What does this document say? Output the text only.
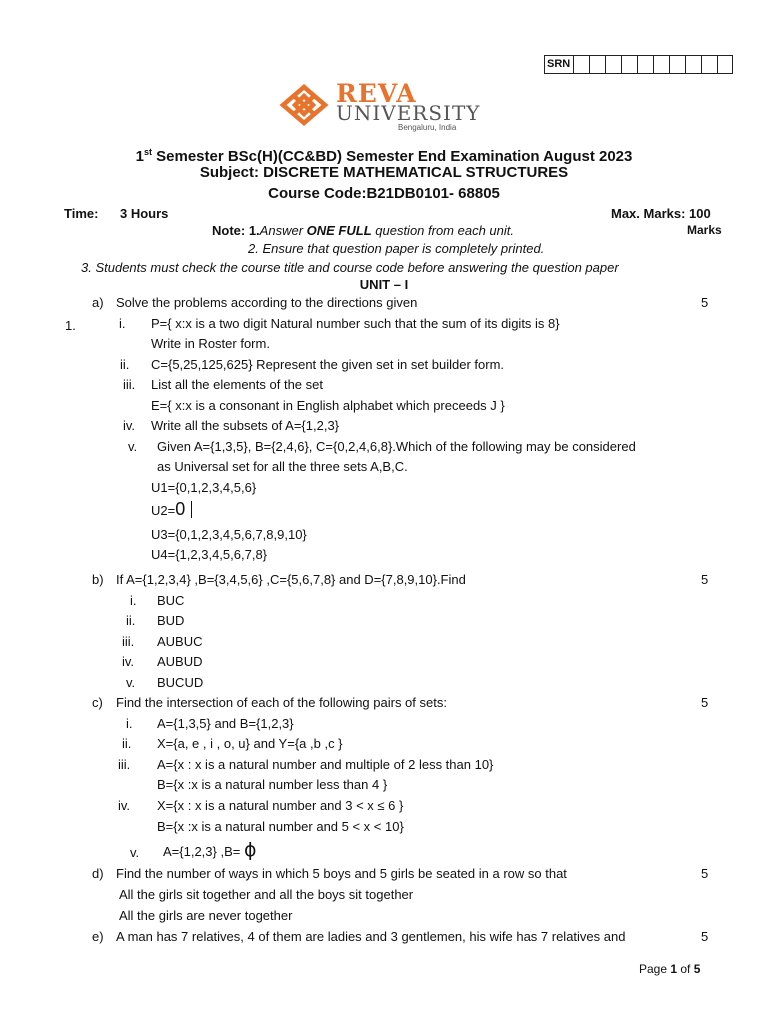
SRN
REVA
UNIVERSITY
Bengaluru, India
1st Semester BSc(H)(CC&BD) Semester End Examination August 2023
Subject: DISCRETE MATHEMATICAL STRUCTURES
Course Code:B21DB0101- 68805
Time: 3 Hours	Max. Marks: 100
Marks
Note: 1.Answer ONE FULL question from each unit.
2. Ensure that question paper is completely printed.
3. Students must check the course title and course code before answering the question paper
UNIT – I
1.
a) Solve the problems according to the directions given	5
i. P={ x:x is a two digit Natural number such that the sum of its digits is 8}
Write in Roster form.
ii. C={5,25,125,625} Represent the given set in set builder form.
iii. List all the elements of the set
E={ x:x is a consonant in English alphabet which preceeds J }
iv. Write all the subsets of A={1,2,3}
v. Given A={1,3,5}, B={2,4,6}, C={0,2,4,6,8}.Which of the following may be considered
as Universal set for all the three sets A,B,C.
U1={0,1,2,3,4,5,6}
U2=0
U3={0,1,2,3,4,5,6,7,8,9,10}
U4={1,2,3,4,5,6,7,8}
b) If A={1,2,3,4} ,B={3,4,5,6} ,C={5,6,7,8} and D={7,8,9,10}.Find	5
i. BUC
ii. BUD
iii. AUBUC
iv. AUBUD
v. BUCUD
c) Find the intersection of each of the following pairs of sets:	5
i. A={1,3,5} and B={1,2,3}
ii. X={a, e , i , o, u} and Y={a ,b ,c }
iii. A={x : x is a natural number and multiple of 2 less than 10}
B={x :x is a natural number less than 4 }
iv. X={x : x is a natural number and 3 < x ≤ 6 }
B={x :x is a natural number and 5 < x < 10}
v. A={1,2,3} ,B= ϕ
d) Find the number of ways in which 5 boys and 5 girls be seated in a row so that	5
All the girls sit together and all the boys sit together
All the girls are never together
e) A man has 7 relatives, 4 of them are ladies and 3 gentlemen, his wife has 7 relatives and	5
Page 1 of 5
